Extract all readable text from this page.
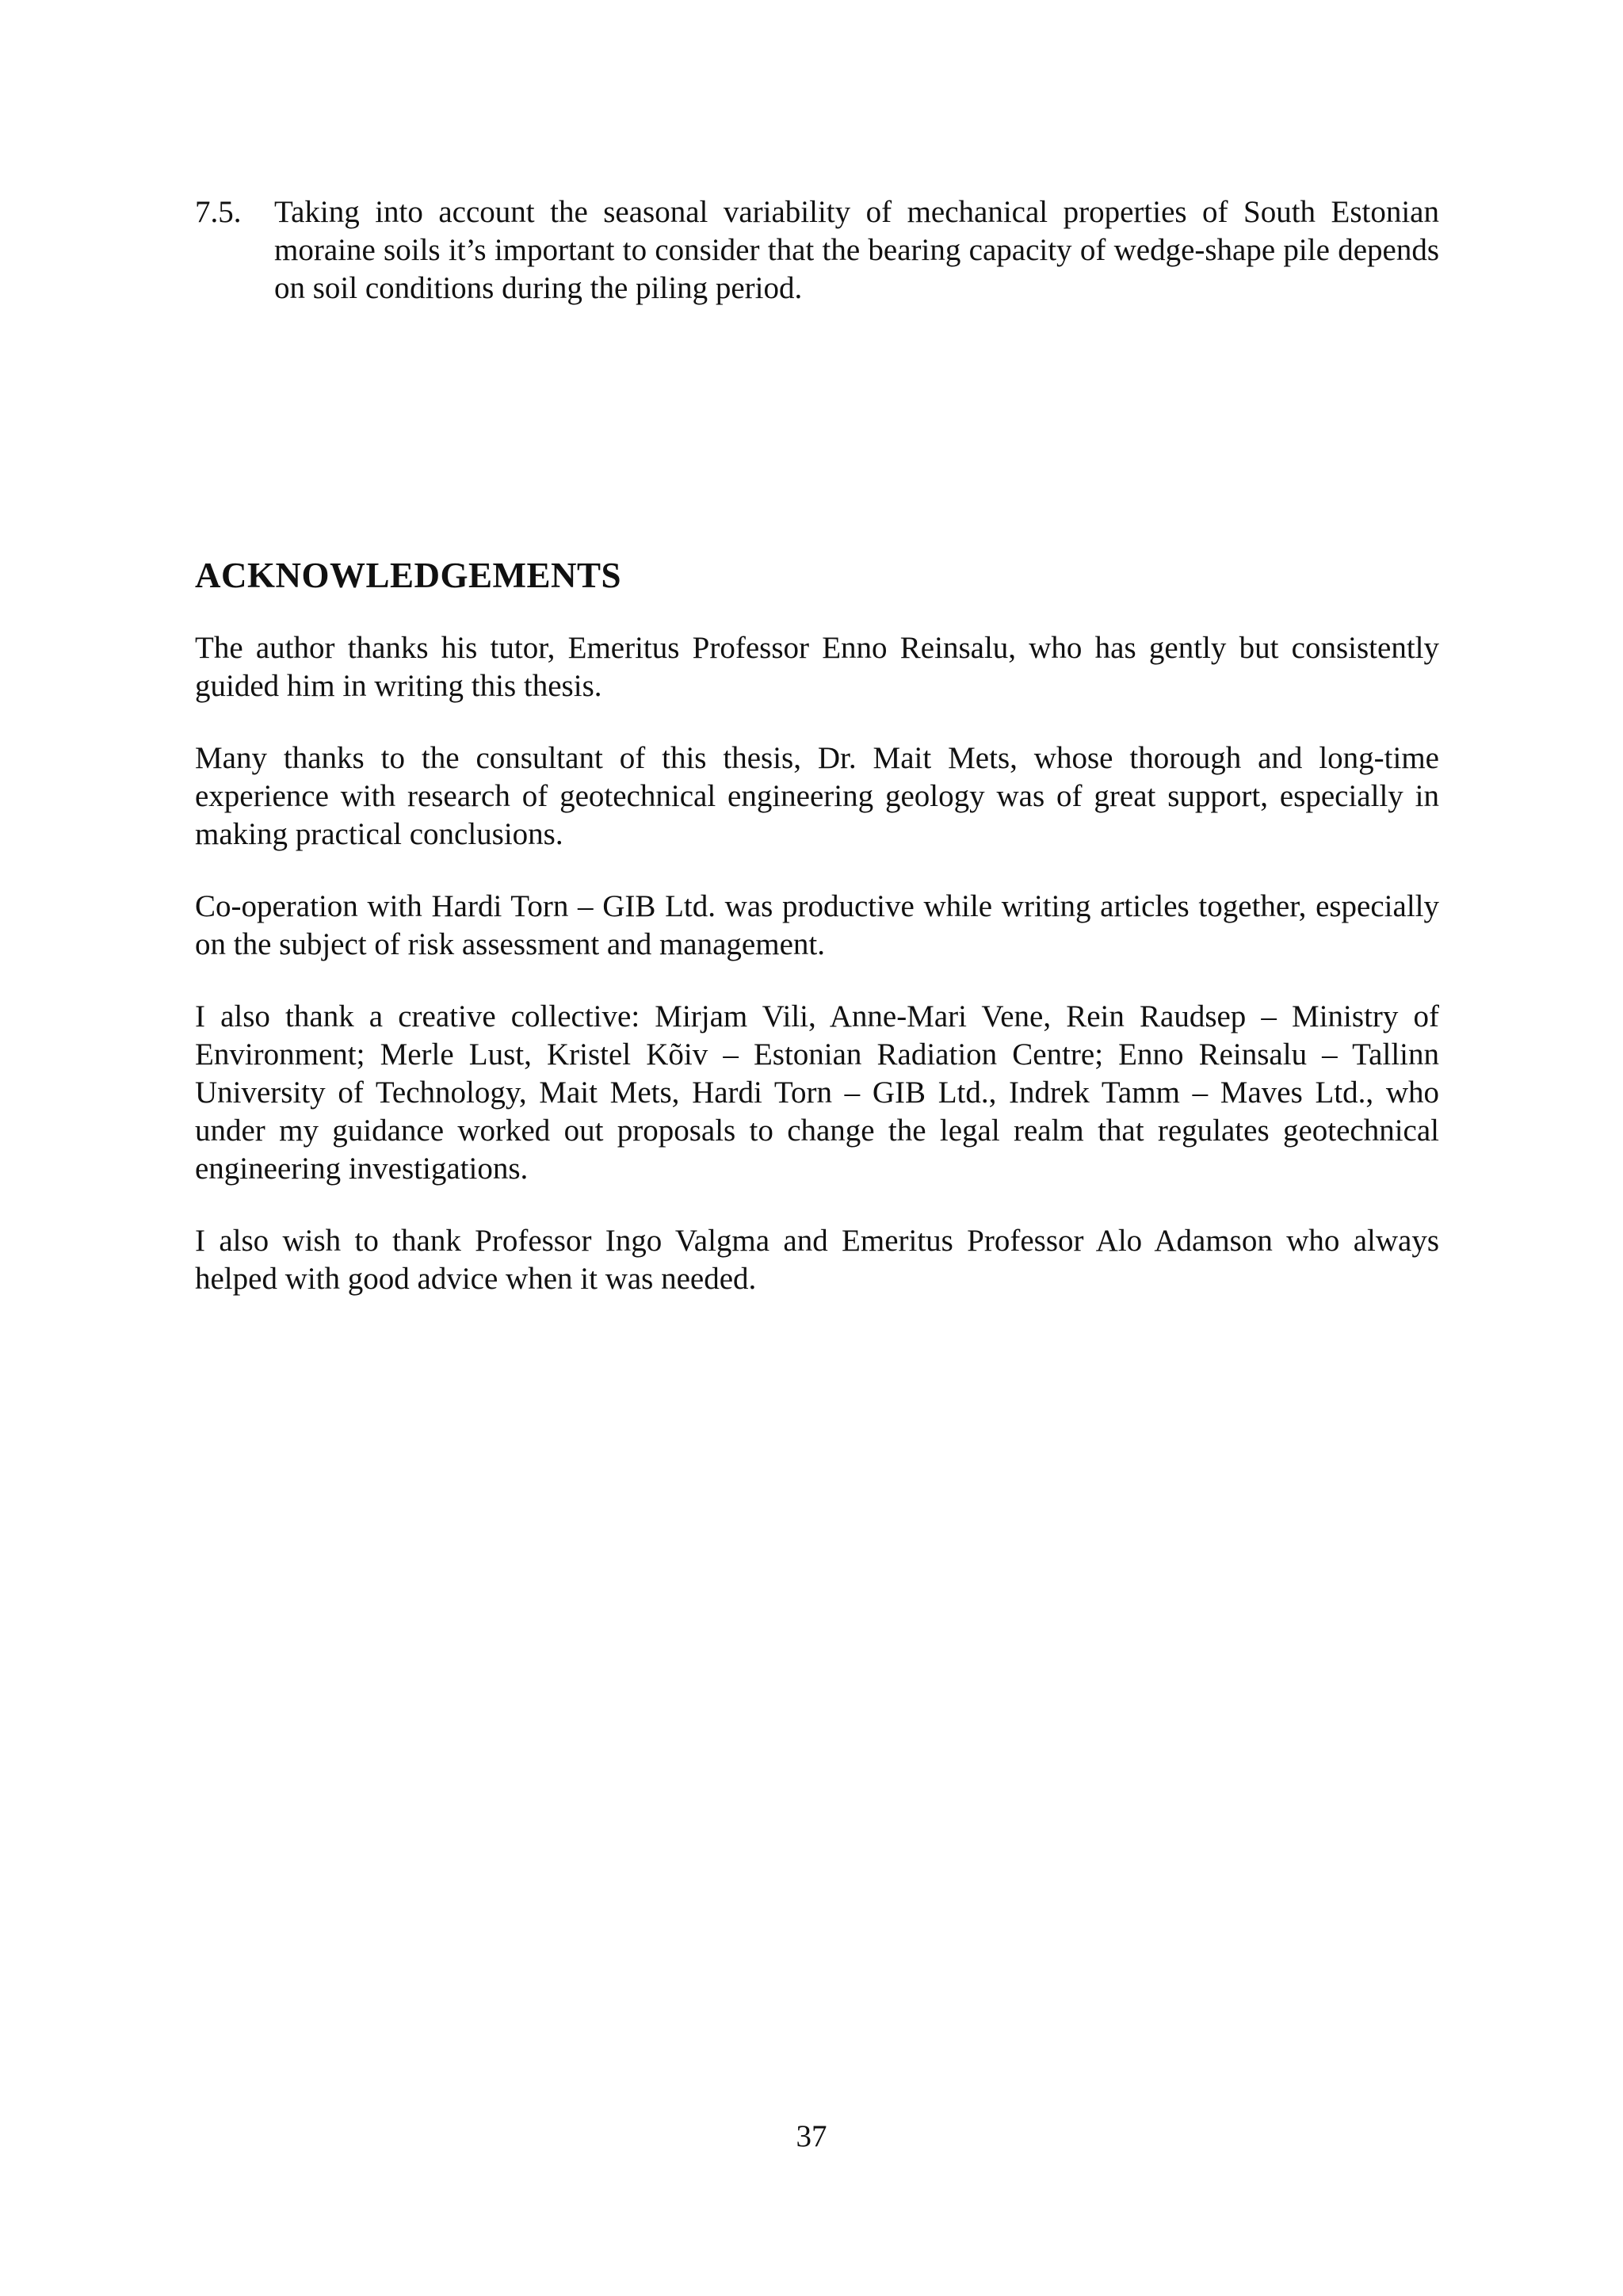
7.5.	Taking into account the seasonal variability of mechanical properties of South Estonian moraine soils it’s important to consider that the bearing capacity of wedge-shape pile depends on soil conditions during the piling period.
ACKNOWLEDGEMENTS

The author thanks his tutor, Emeritus Professor Enno Reinsalu, who has gently but consistently guided him in writing this thesis.

Many thanks to the consultant of this thesis, Dr. Mait Mets, whose thorough and long-time experience with research of geotechnical engineering geology was of great support, especially in making practical conclusions.

Co-operation with Hardi Torn – GIB Ltd. was productive while writing articles together, especially on the subject of risk assessment and management.

I also thank a creative collective: Mirjam Vili, Anne-Mari Vene, Rein Raudsep – Ministry of Environment; Merle Lust, Kristel Kõiv – Estonian Radiation Centre; Enno Reinsalu – Tallinn University of Technology, Mait Mets, Hardi Torn – GIB Ltd., Indrek Tamm – Maves Ltd., who under my guidance worked out proposals to change the legal realm that regulates geotechnical engineering investigations.

I also wish to thank Professor Ingo Valgma and Emeritus Professor Alo Adamson who always helped with good advice when it was needed.

37
